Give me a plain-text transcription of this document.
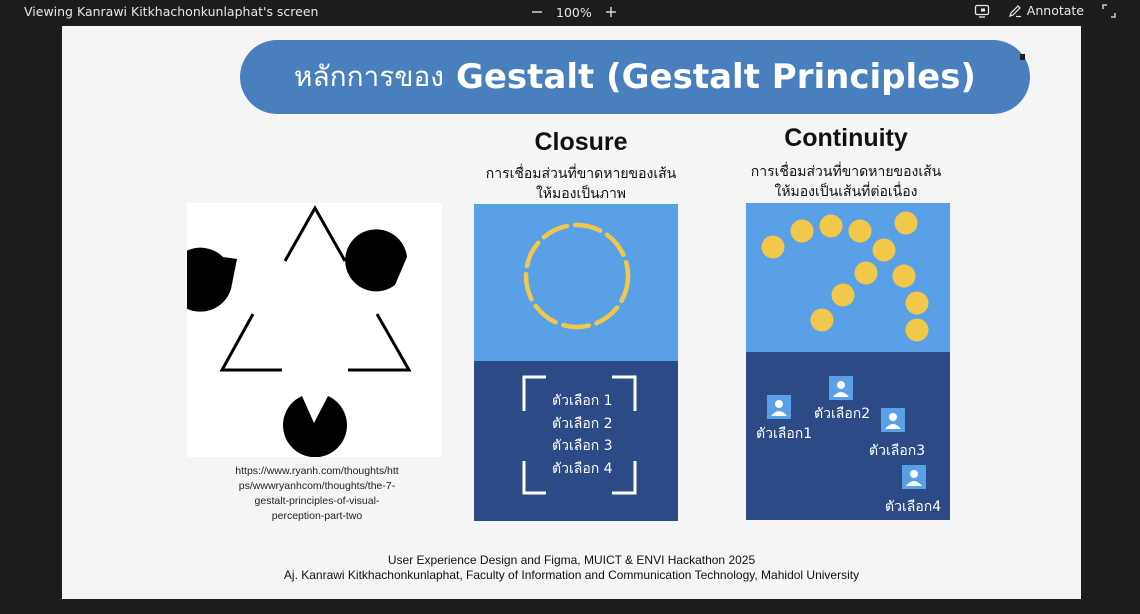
Viewing Kanrawi Kitkhachonkunlaphat's screen	100%	Annotate
หลักการของ Gestalt (Gestalt Principles)
https://www.ryanh.com/thoughts/htt
ps/wwwryanhcom/thoughts/the-7-
gestalt-principles-of-visual-
perception-part-two
Closure
การเชื่อมส่วนที่ขาดหายของเส้น
ให้มองเป็นภาพ
ตัวเลือก 1
ตัวเลือก 2
ตัวเลือก 3
ตัวเลือก 4
Continuity
การเชื่อมส่วนที่ขาดหายของเส้น
ให้มองเป็นเส้นที่ต่อเนื่อง
ตัวเลือก1
ตัวเลือก2
ตัวเลือก3
ตัวเลือก4
User Experience Design and Figma, MUICT & ENVI Hackathon 2025
Aj. Kanrawi Kitkhachonkunlaphat, Faculty of Information and Communication Technology, Mahidol University
